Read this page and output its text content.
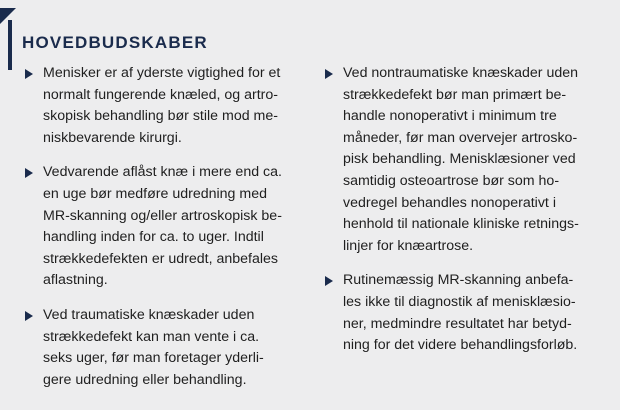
HOVEDBUDSKABER
Menisker er af yderste vigtighed for et
normalt fungerende knæled, og artro-
skopisk behandling bør stile mod me-
niskbevarende kirurgi.
Vedvarende aflåst knæ i mere end ca.
en uge bør medføre udredning med
MR-skanning og/eller artroskopisk be-
handling inden for ca. to uger. Indtil
strækkedefekten er udredt, anbefales
aflastning.
Ved traumatiske knæskader uden
strækkedefekt kan man vente i ca.
seks uger, før man foretager yderli-
gere udredning eller behandling.
Ved nontraumatiske knæskader uden
strækkedefekt bør man primært be-
handle nonoperativt i minimum tre
måneder, før man overvejer artrosko-
pisk behandling. Menisklæsioner ved
samtidig osteoartrose bør som ho-
vedregel behandles nonoperativt i
henhold til nationale kliniske retnings-
linjer for knæartrose.
Rutinemæssig MR-skanning anbefa-
les ikke til diagnostik af menisklæsio-
ner, medmindre resultatet har betyd-
ning for det videre behandlingsforløb.
